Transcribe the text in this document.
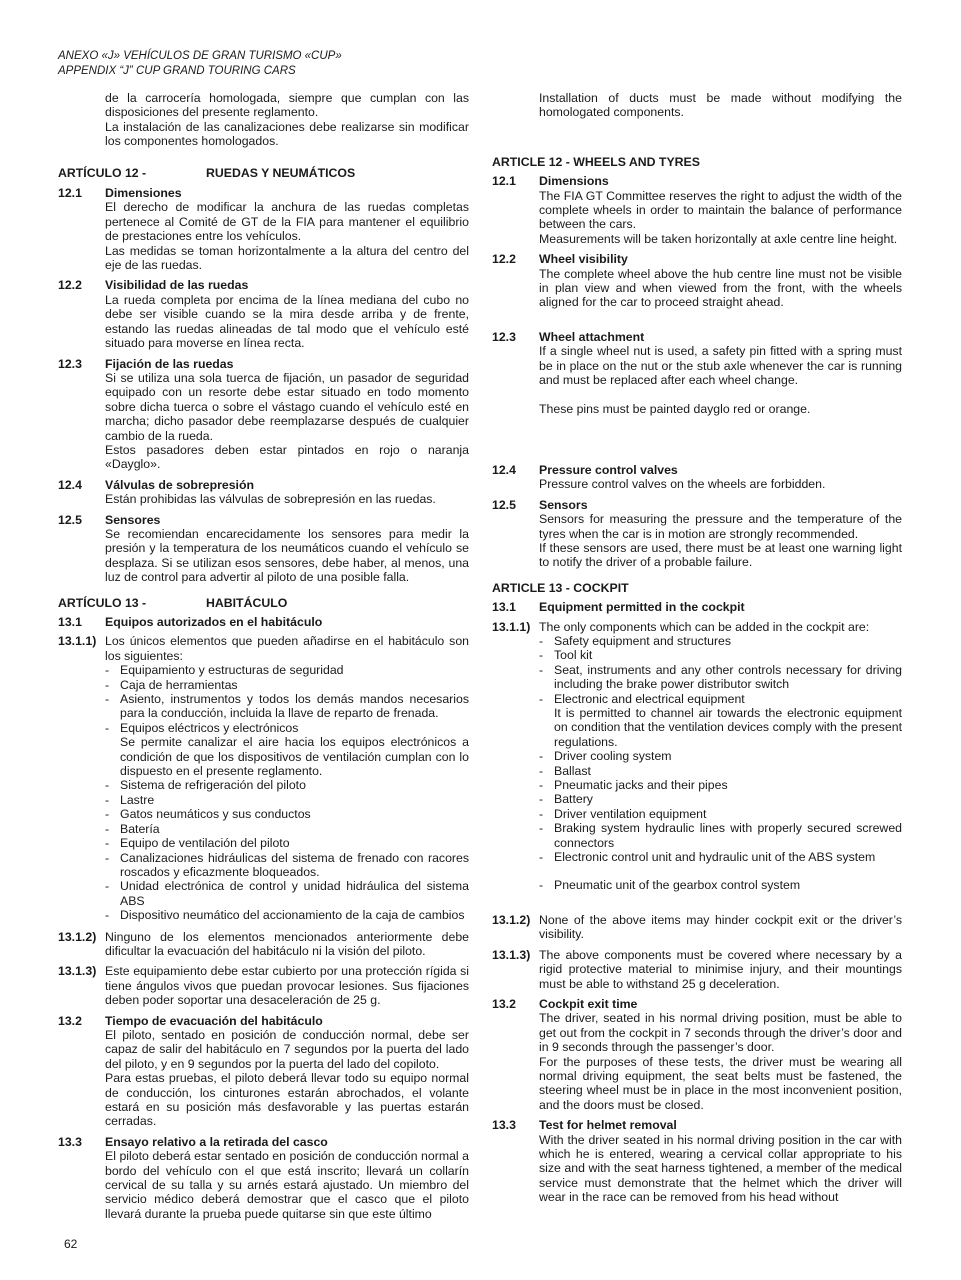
ANEXO «J» VEHÍCULOS DE GRAN TURISMO «CUP»
APPENDIX “J” CUP GRAND TOURING CARS

de la carrocería homologada, siempre que cumplan con las disposiciones del presente reglamento.

La instalación de las canalizaciones debe realizarse sin modificar los componentes homologados.

ARTÍCULO 12 -	RUEDAS Y NEUMÁTICOS
12.1	Dimensiones

El derecho de modificar la anchura de las ruedas completas pertenece al Comité de GT de la FIA para mantener el equilibrio de prestaciones entre los vehículos.

Las medidas se toman horizontalmente a la altura del centro del eje de las ruedas.

12.2	Visibilidad de las ruedas

La rueda completa por encima de la línea mediana del cubo no debe ser visible cuando se la mira desde arriba y de frente, estando las ruedas alineadas de tal modo que el vehículo esté situado para moverse en línea recta.

12.3	Fijación de las ruedas

Si se utiliza una sola tuerca de fijación, un pasador de seguridad equipado con un resorte debe estar situado en todo momento sobre dicha tuerca o sobre el vástago cuando el vehículo esté en marcha; dicho pasador debe reemplazarse después de cualquier cambio de la rueda.

Estos pasadores deben estar pintados en rojo o naranja «Dayglo».

12.4	Válvulas de sobrepresión

Están prohibidas las válvulas de sobrepresión en las ruedas.

12.5	Sensores

Se recomiendan encarecidamente los sensores para medir la presión y la temperatura de los neumáticos cuando el vehículo se desplaza. Si se utilizan esos sensores, debe haber, al menos, una luz de control para advertir al piloto de una posible falla.

ARTÍCULO 13 -	HABITÁCULO
13.1	Equipos autorizados en el habitáculo
13.1.1) Los únicos elementos que pueden añadirse en el habitáculo son los siguientes:

- Equipamiento y estructuras de seguridad
- Caja de herramientas
- Asiento, instrumentos y todos los demás mandos necesarios para la conducción, incluida la llave de reparto de frenada.
- Equipos eléctricos y electrónicos
Se permite canalizar el aire hacia los equipos electrónicos a condición de que los dispositivos de ventilación cumplan con lo dispuesto en el presente reglamento.
- Sistema de refrigeración del piloto
- Lastre
- Gatos neumáticos y sus conductos
- Batería
- Equipo de ventilación del piloto
- Canalizaciones hidráulicas del sistema de frenado con racores roscados y eficazmente bloqueados.
- Unidad electrónica de control y unidad hidráulica del sistema ABS
- Dispositivo neumático del accionamiento de la caja de cambios
13.1.2) Ninguno de los elementos mencionados anteriormente debe dificultar la evacuación del habitáculo ni la visión del piloto.

13.1.3) Este equipamiento debe estar cubierto por una protección rígida si tiene ángulos vivos que puedan provocar lesiones. Sus fijaciones deben poder soportar una desaceleración de 25 g.

13.2	Tiempo de evacuación del habitáculo

El piloto, sentado en posición de conducción normal, debe ser capaz de salir del habitáculo en 7 segundos por la puerta del lado del piloto, y en 9 segundos por la puerta del lado del copiloto.

Para estas pruebas, el piloto deberá llevar todo su equipo normal de conducción, los cinturones estarán abrochados, el volante estará en su posición más desfavorable y las puertas estarán cerradas.

13.3	Ensayo relativo a la retirada del casco

El piloto deberá estar sentado en posición de conducción normal a bordo del vehículo con el que está inscrito; llevará un collarín cervical de su talla y su arnés estará ajustado. Un miembro del servicio médico deberá demostrar que el casco que el piloto llevará durante la prueba puede quitarse sin que este último

Installation of ducts must be made without modifying the homologated components.

ARTICLE 12 - WHEELS AND TYRES
12.1	Dimensions

The FIA GT Committee reserves the right to adjust the width of the complete wheels in order to maintain the balance of performance between the cars.

Measurements will be taken horizontally at axle centre line height.

12.2	Wheel visibility

The complete wheel above the hub centre line must not be visible in plan view and when viewed from the front, with the wheels aligned for the car to proceed straight ahead.

12.3	Wheel attachment

If a single wheel nut is used, a safety pin fitted with a spring must be in place on the nut or the stub axle whenever the car is running and must be replaced after each wheel change.

These pins must be painted dayglo red or orange.

12.4	Pressure control valves

Pressure control valves on the wheels are forbidden.

12.5	Sensors

Sensors for measuring the pressure and the temperature of the tyres when the car is in motion are strongly recommended.

If these sensors are used, there must be at least one warning light to notify the driver of a probable failure.

ARTICLE 13 - COCKPIT
13.1	Equipment permitted in the cockpit
13.1.1) The only components which can be added in the cockpit are:

- Safety equipment and structures
- Tool kit
- Seat, instruments and any other controls necessary for driving including the brake power distributor switch
- Electronic and electrical equipment
It is permitted to channel air towards the electronic equipment on condition that the ventilation devices comply with the present regulations.
- Driver cooling system
- Ballast
- Pneumatic jacks and their pipes
- Battery
- Driver ventilation equipment
- Braking system hydraulic lines with properly secured screwed connectors
- Electronic control unit and hydraulic unit of the ABS system
- Pneumatic unit of the gearbox control system
13.1.2) None of the above items may hinder cockpit exit or the driver’s visibility.

13.1.3) The above components must be covered where necessary by a rigid protective material to minimise injury, and their mountings must be able to withstand 25 g deceleration.

13.2	Cockpit exit time

The driver, seated in his normal driving position, must be able to get out from the cockpit in 7 seconds through the driver’s door and in 9 seconds through the passenger’s door.

For the purposes of these tests, the driver must be wearing all normal driving equipment, the seat belts must be fastened, the steering wheel must be in place in the most inconvenient position, and the doors must be closed.

13.3	Test for helmet removal

With the driver seated in his normal driving position in the car with which he is entered, wearing a cervical collar appropriate to his size and with the seat harness tightened, a member of the medical service must demonstrate that the helmet which the driver will wear in the race can be removed from his head without

62
